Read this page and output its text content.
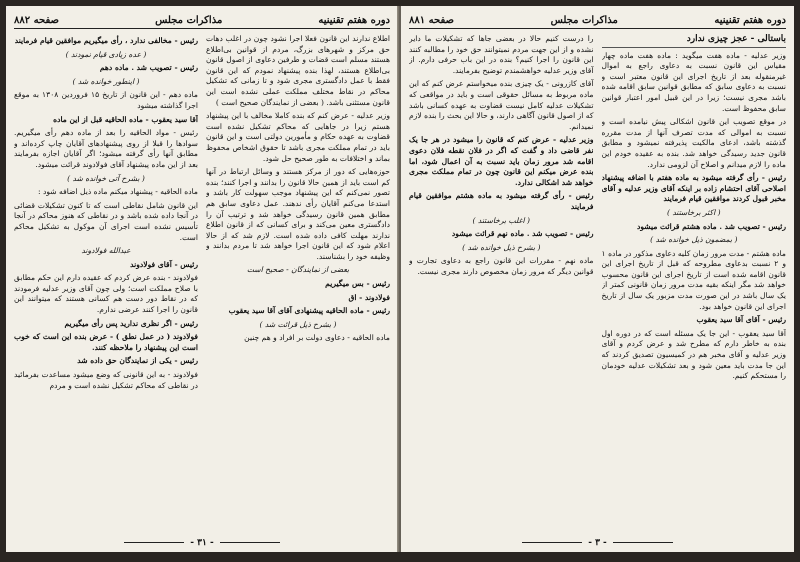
دوره هفتم تقنينيه
مذاکرات مجلس
صفحه ۸۸۲

اطلاع ندارند این قانون فعلا اجرا نشود چون در اغلب دهات حق مرکز و شهرهای بزرگ، مردم از قوانین بی‌اطلاع هستند مسلم است قضات و طرفین دعاوی از اصول قانون بی‌اطلاع هستند، لهذا بنده پیشنهاد نمودم که این قانون فقط با عمل دادگستری مجری شود و تا زمانی که تشکیل محاکم در نقاط مختلف مملکت عملی نشده است این قانون مستثنی باشد. ( بعضی از نمایندگان صحیح است )

وزیر عدلیه - عرض کنم که بنده کاملا مخالف با این پیشنهاد هستم زیرا در جاهایی که محاکم تشکیل نشده است قضاوت به عهده حکام و مأمورین دولتی است و این قانون باید در تمام مملکت مجری باشد تا حقوق اشخاص محفوظ بماند و اختلافات به طور صحیح حل شود.

حوزه‌هایی که دور از مرکز هستند و وسائل ارتباط در آنها کم است باید از همین حالا قانون را بدانند و اجرا کنند؛ بنده تصور نمی‌کنم که این پیشنهاد موجب سهولت کار باشد و استدعا می‌کنم آقایان رأی ندهند. عمل دعاوی سابق هم مطابق همین قانون رسیدگی خواهد شد و ترتیب آن را دادگستری معین می‌کند و برای کسانی که از قانون اطلاع ندارند مهلت کافی داده شده است. لازم شد که از حالا اعلام شود که این قانون اجرا خواهد شد تا مردم بدانند و وظیفه خود را بشناسند.

بعضی از نمایندگان - صحیح است

رئیس - بس میگیریم

فولادوند - اق

رئیس - ماده الحاقیه پیشنهادی آقای آقا سید یعقوب

( بشرح ذیل قرائت شد )

ماده الحاقیه - دعاوی دولت بر افراد و هم چنین

رئیس - مخالفی ندارد ، رأی میگیریم موافقین قیام فرمایند

( عده زیادی قیام نمودند )

رئیس - تصویب شد . ماده دهم

( اینطور خوانده شد )

ماده دهم - این قانون از تاریخ ۱۵ فروردین ۱۳۰۸ به موقع اجرا گذاشته میشود

آقا سید یعقوب - ماده الحاقیه قبل از این ماده

رئیس - مواد الحاقیه را بعد از ماده دهم رأی میگیریم. سوادها را قبلا از روی پیشنهادهای آقایان چاپ کرده‌اند و مطابق آنها رأی گرفته میشود؛ اگر آقایان اجازه بفرمایند بعد از این ماده پیشنهاد آقای فولادوند قرائت میشود.

( بشرح آتی خوانده شد )

ماده الحاقیه - پیشنهاد میکنم ماده ذیل اضافه شود :

این قانون شامل نقاطی است که تا کنون تشکیلات قضائی در آنجا داده شده باشد و در نقاطی که هنوز محاکم در آنجا تأسیس نشده است اجرای آن موکول به تشکیل محاکم است.

عبدالله فولادوند

رئیس - آقای فولادوند

فولادوند - بنده عرض کردم که عقیده دارم این حکم مطابق با صلاح مملکت است؛ ولی چون آقای وزیر عدلیه فرمودند که در نقاط دور دست هم کسانی هستند که میتوانند این قانون را اجرا کنند عرضی ندارم.

رئیس - اگر نظری ندارید پس رأی میگیریم

فولادوند ( در عمل نطق ) - عرض بنده این است که خوب است این پیشنهاد را ملاحظه کنند.

رئیس - یکی از نمایندگان حق داده شد

فولادوند - به این قانونی که وضع میشود مساعدت بفرمائید در نقاطی که محاکم تشکیل نشده است و مردم

- ۳۱ -
دوره هفتم تقنينيه
مذاکرات مجلس
صفحه ۸۸۱

باستالی - عجز چیزی ندارد

وزیر عدلیه - ماده هفت میگوید : ماده هفت ماده چهار مقیاس این قانون نسبت به دعاوی راجع به اموال غیرمنقوله بعد از تاریخ اجرای این قانون معتبر است و نسبت به دعاوی سابق که مطابق قوانین سابق اقامه شده باشد مجری نیست؛ زیرا در این قبیل امور اعتبار قوانین سابق محفوظ است.

در موقع تصویب این قانون اشکالی پیش نیامده است و نسبت به اموالی که مدت تصرف آنها از مدت مقرره گذشته باشد، ادعای مالکیت پذیرفته نمیشود و مطابق قانون جدید رسیدگی خواهد شد. بنده به عقیده خودم این ماده را لازم میدانم و اصلاح آن لزومی ندارد.

رئیس - رأی گرفته میشود به ماده هفتم با اضافه پیشنهاد اصلاحی آقای احتشام زاده بر اینکه آقای وزیر عدلیه و آقای مخبر قبول کردند موافقین قیام فرمایند

( اکثر برخاستند )

رئیس - تصویب شد . ماده هشتم قرائت میشود

( بمضمون ذیل خوانده شد )

ماده هشتم - مدت مرور زمان کلیه دعاوی مذکور در ماده ۱ و ۲ نسبت بدعاوی مطروحه که قبل از تاریخ اجرای این قانون اقامه شده است از تاریخ اجرای این قانون محسوب خواهد شد مگر اینکه بقیه مدت مرور زمان قانونی کمتر از یک سال باشد در این صورت مدت مزبور یک سال از تاریخ اجرای این قانون خواهد بود.

رئیس - آقای آقا سید یعقوب

آقا سید یعقوب - این جا یک مسئله است که در دوره اول بنده به خاطر دارم که مطرح شد و عرض کردم و آقای وزیر عدلیه و آقای مخبر هم در کمیسیون تصدیق کردند که این جا مدت باید معین شود و بعد تشکیلات عدلیه خودمان را مستحکم کنیم.

را درست کنیم حالا در بعضی جاها که تشکیلات ما دایر نشده و از این جهت مردم نمیتوانند حق خود را مطالبه کنند این قانون را اجرا کنیم؟ بنده در این باب حرفی دارم. از آقای وزیر عدلیه خواهشمندم توضیح بفرمایند.

آقای کازرونی - یک چیزی بنده میخواستم عرض کنم که این ماده مربوط به مسائل حقوقی است و باید در مواقعی که تشکیلات عدلیه کامل نیست قضاوت به عهده کسانی باشد که از اصول قانون آگاهی دارند، و حالا این بحث را بنده لازم نمیدانم.

وزیر عدلیه - عرض کنم که قانون را میشود در هر جا یک نفر قاضی داد و گفت که اگر در فلان نقطه فلان دعوی اقامه شد مرور زمان باید نسبت به آن اعمال شود، اما بنده عرض میکنم این قانون چون در تمام مملکت مجری خواهد شد اشکالی ندارد.

رئیس - رأی گرفته میشود به ماده هشتم موافقین قیام فرمایند

( اغلب برخاستند )

رئیس - تصویب شد . ماده نهم قرائت میشود

( بشرح ذیل خوانده شد )

ماده نهم - مقررات این قانون راجع به دعاوی تجارت و قوانین دیگر که مرور زمان مخصوص دارند مجری نیست.

- ۳ -
